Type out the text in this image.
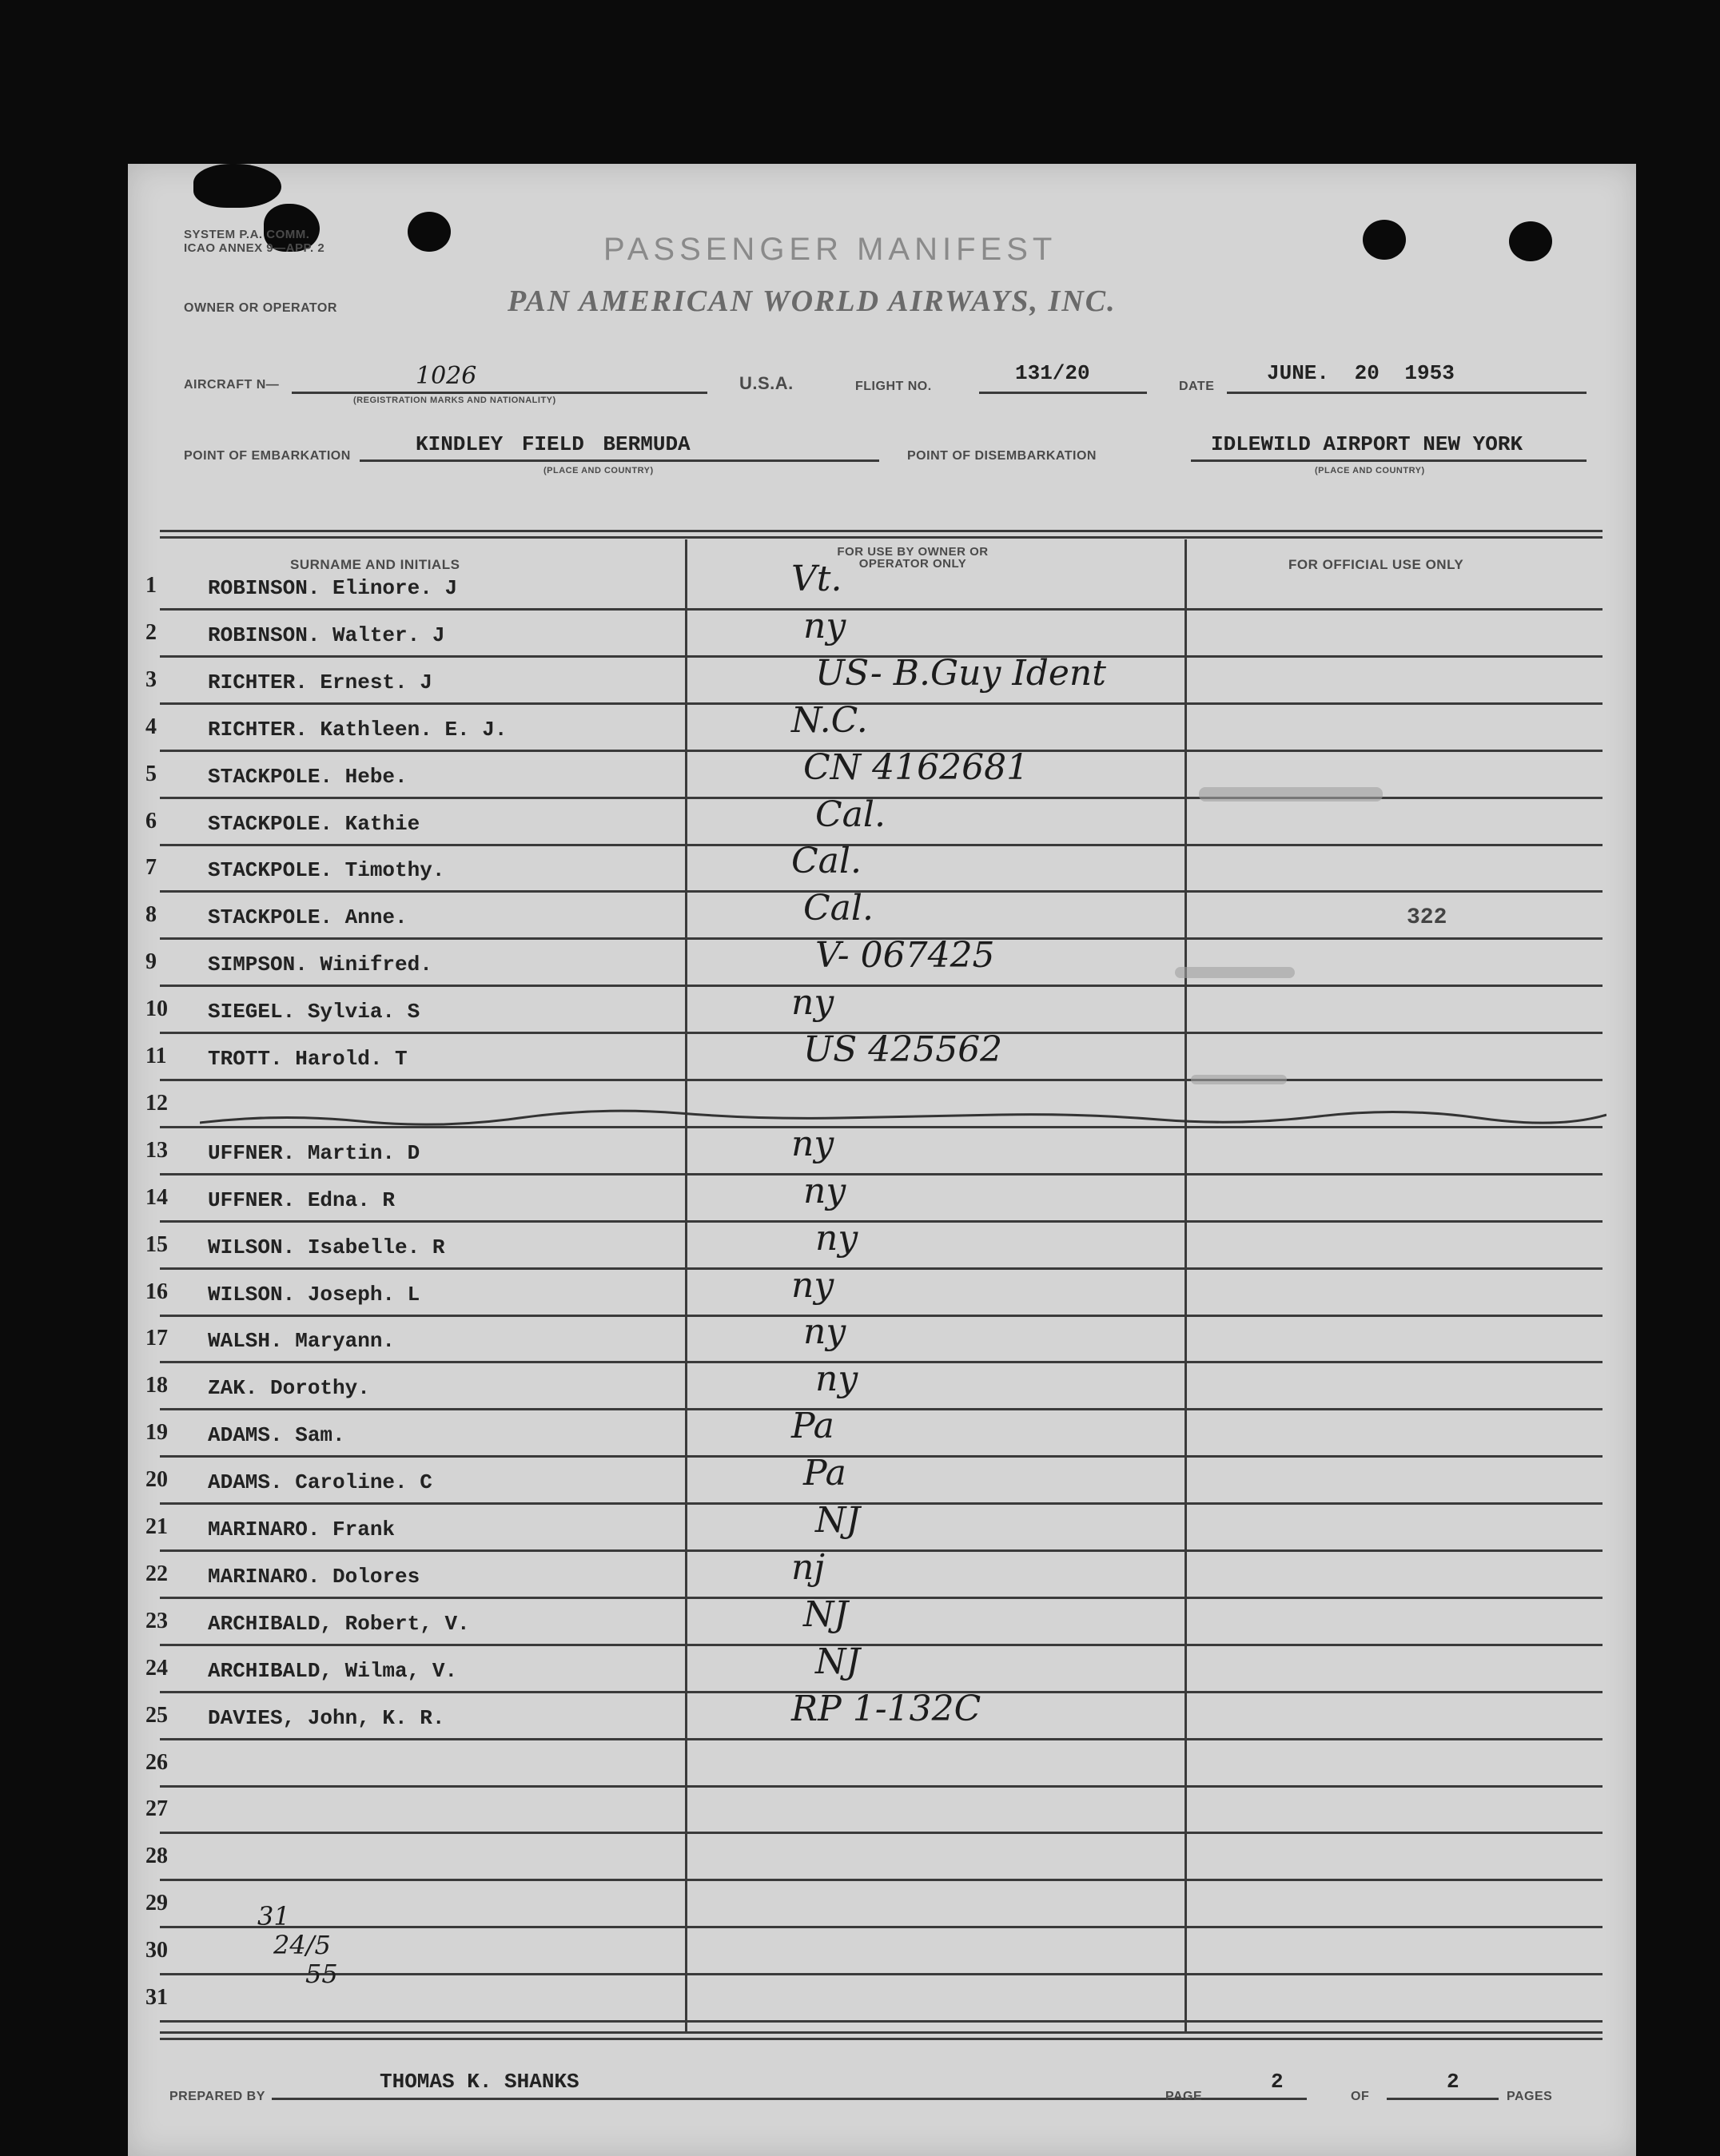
SYSTEM P.A. COMM.
ICAO ANNEX 9—APP. 2	PASSENGER MANIFEST
OWNER OR OPERATOR	PAN AMERICAN WORLD AIRWAYS, INC.
AIRCRAFT N—	1026
(REGISTRATION MARKS AND NATIONALITY)
U.S.A.	FLIGHT NO.
131/20
DATE
JUNE. 20 1953
POINT OF EMBARKATION	KINDLEY FIELD BERMUDA
(PLACE AND COUNTRY)
POINT OF DISEMBARKATION	IDLEWILD AIRPORT NEW YORK
(PLACE AND COUNTRY)
SURNAME AND INITIALS
FOR USE BY OWNER OR OPERATOR ONLY	FOR OFFICIAL USE ONLY
1	ROBINSON. Elinore. J	Vt.
2	ROBINSON. Walter. J	ny
3	RICHTER. Ernest. J	US- B.Guy Ident
4	RICHTER. Kathleen. E. J.	N.C.
5	STACKPOLE. Hebe.	CN 4162681
6	STACKPOLE. Kathie	Cal.
7	STACKPOLE. Timothy.	Cal.
8	STACKPOLE. Anne.	Cal.	322
9	SIMPSON. Winifred.	V- 067425
10	SIEGEL. Sylvia. S	ny
11	TROTT. Harold. T	US 425562
12
13	UFFNER. Martin. D	ny
14	UFFNER. Edna. R	ny
15	WILSON. Isabelle. R	ny
16	WILSON. Joseph. L	ny
17	WALSH. Maryann.	ny
18	ZAK. Dorothy.	ny
19	ADAMS. Sam.	Pa
20	ADAMS. Caroline. C	Pa
21	MARINARO. Frank	NJ
22	MARINARO. Dolores	nj
23	ARCHIBALD, Robert, V.	NJ
24	ARCHIBALD, Wilma, V.	NJ
25	DAVIES, John, K. R.	RP 1-132C
26
27
28
29
30
31
31
24/5
55
PREPARED BY
THOMAS K. SHANKS
PAGE
2
OF
2
PAGES
